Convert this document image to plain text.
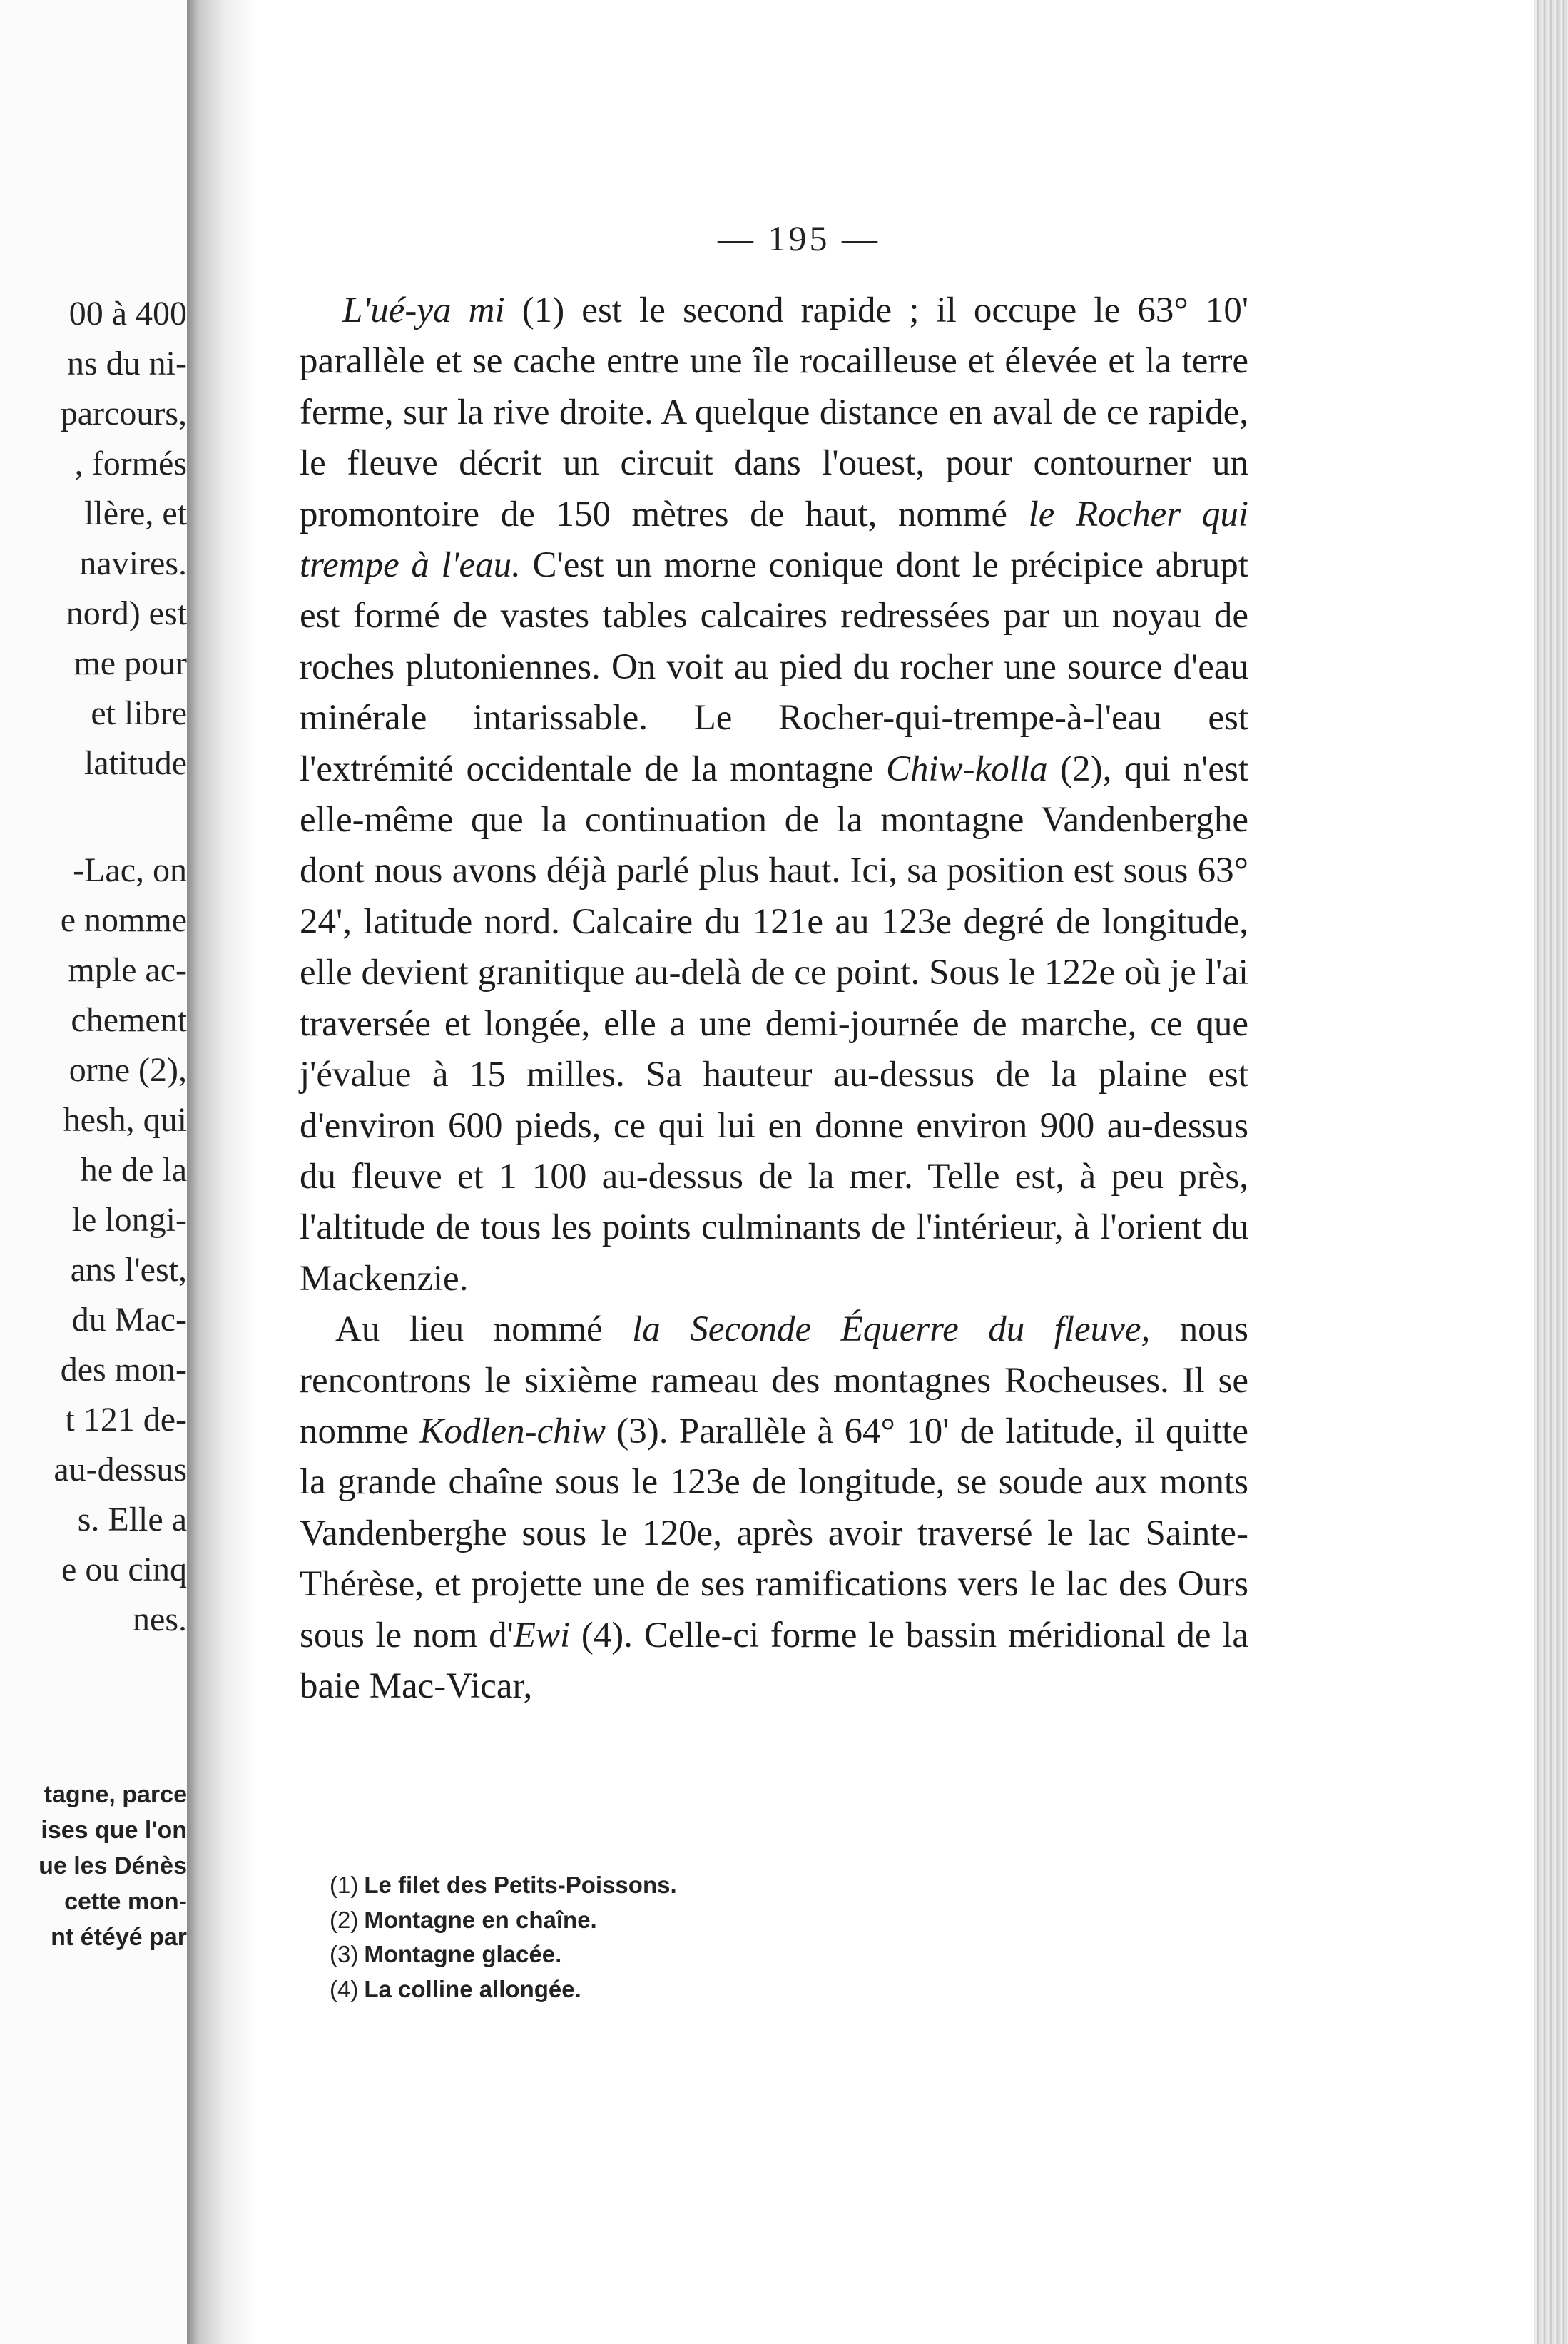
00 à 400
ns du ni-
parcours,
, formés
llère, et
navires.
nord) est
me pour
et libre
latitude
-Lac, on
e nomme
mple ac-
chement
orne (2),
hesh, qui
he de la
le longi-
ans l'est,
du Mac-
des mon-
t 121 de-
au-dessus
s. Elle a
e ou cinq
nes.
tagne, parce
ises que l'on
ue les Dénès
cette mon-
nt étéyé par
— 195 —

L'ué-ya mi (1) est le second rapide ; il occupe le 63° 10' parallèle et se cache entre une île rocailleuse et élevée et la terre ferme, sur la rive droite. A quelque distance en aval de ce rapide, le fleuve décrit un circuit dans l'ouest, pour contourner un promontoire de 150 mètres de haut, nommé le Rocher qui trempe à l'eau. C'est un morne conique dont le précipice abrupt est formé de vastes tables calcaires redressées par un noyau de roches plutoniennes. On voit au pied du rocher une source d'eau minérale intarissable. Le Rocher-qui-trempe-à-l'eau est l'extrémité occidentale de la montagne Chiw-kolla (2), qui n'est elle-même que la continuation de la montagne Vandenberghe dont nous avons déjà parlé plus haut. Ici, sa position est sous 63° 24', latitude nord. Calcaire du 121e au 123e degré de longitude, elle devient granitique au-delà de ce point. Sous le 122e où je l'ai traversée et longée, elle a une demi-journée de marche, ce que j'évalue à 15 milles. Sa hauteur au-dessus de la plaine est d'environ 600 pieds, ce qui lui en donne environ 900 au-dessus du fleuve et 1 100 au-dessus de la mer. Telle est, à peu près, l'altitude de tous les points culminants de l'intérieur, à l'orient du Mackenzie.

Au lieu nommé la Seconde Équerre du fleuve, nous rencontrons le sixième rameau des montagnes Rocheuses. Il se nomme Kodlen-chiw (3). Parallèle à 64° 10' de latitude, il quitte la grande chaîne sous le 123e de longitude, se soude aux monts Vandenberghe sous le 120e, après avoir traversé le lac Sainte-Thérèse, et projette une de ses ramifications vers le lac des Ours sous le nom d'Ewi (4). Celle-ci forme le bassin méridional de la baie Mac-Vicar,

(1) Le filet des Petits-Poissons.
(2) Montagne en chaîne.
(3) Montagne glacée.
(4) La colline allongée.
